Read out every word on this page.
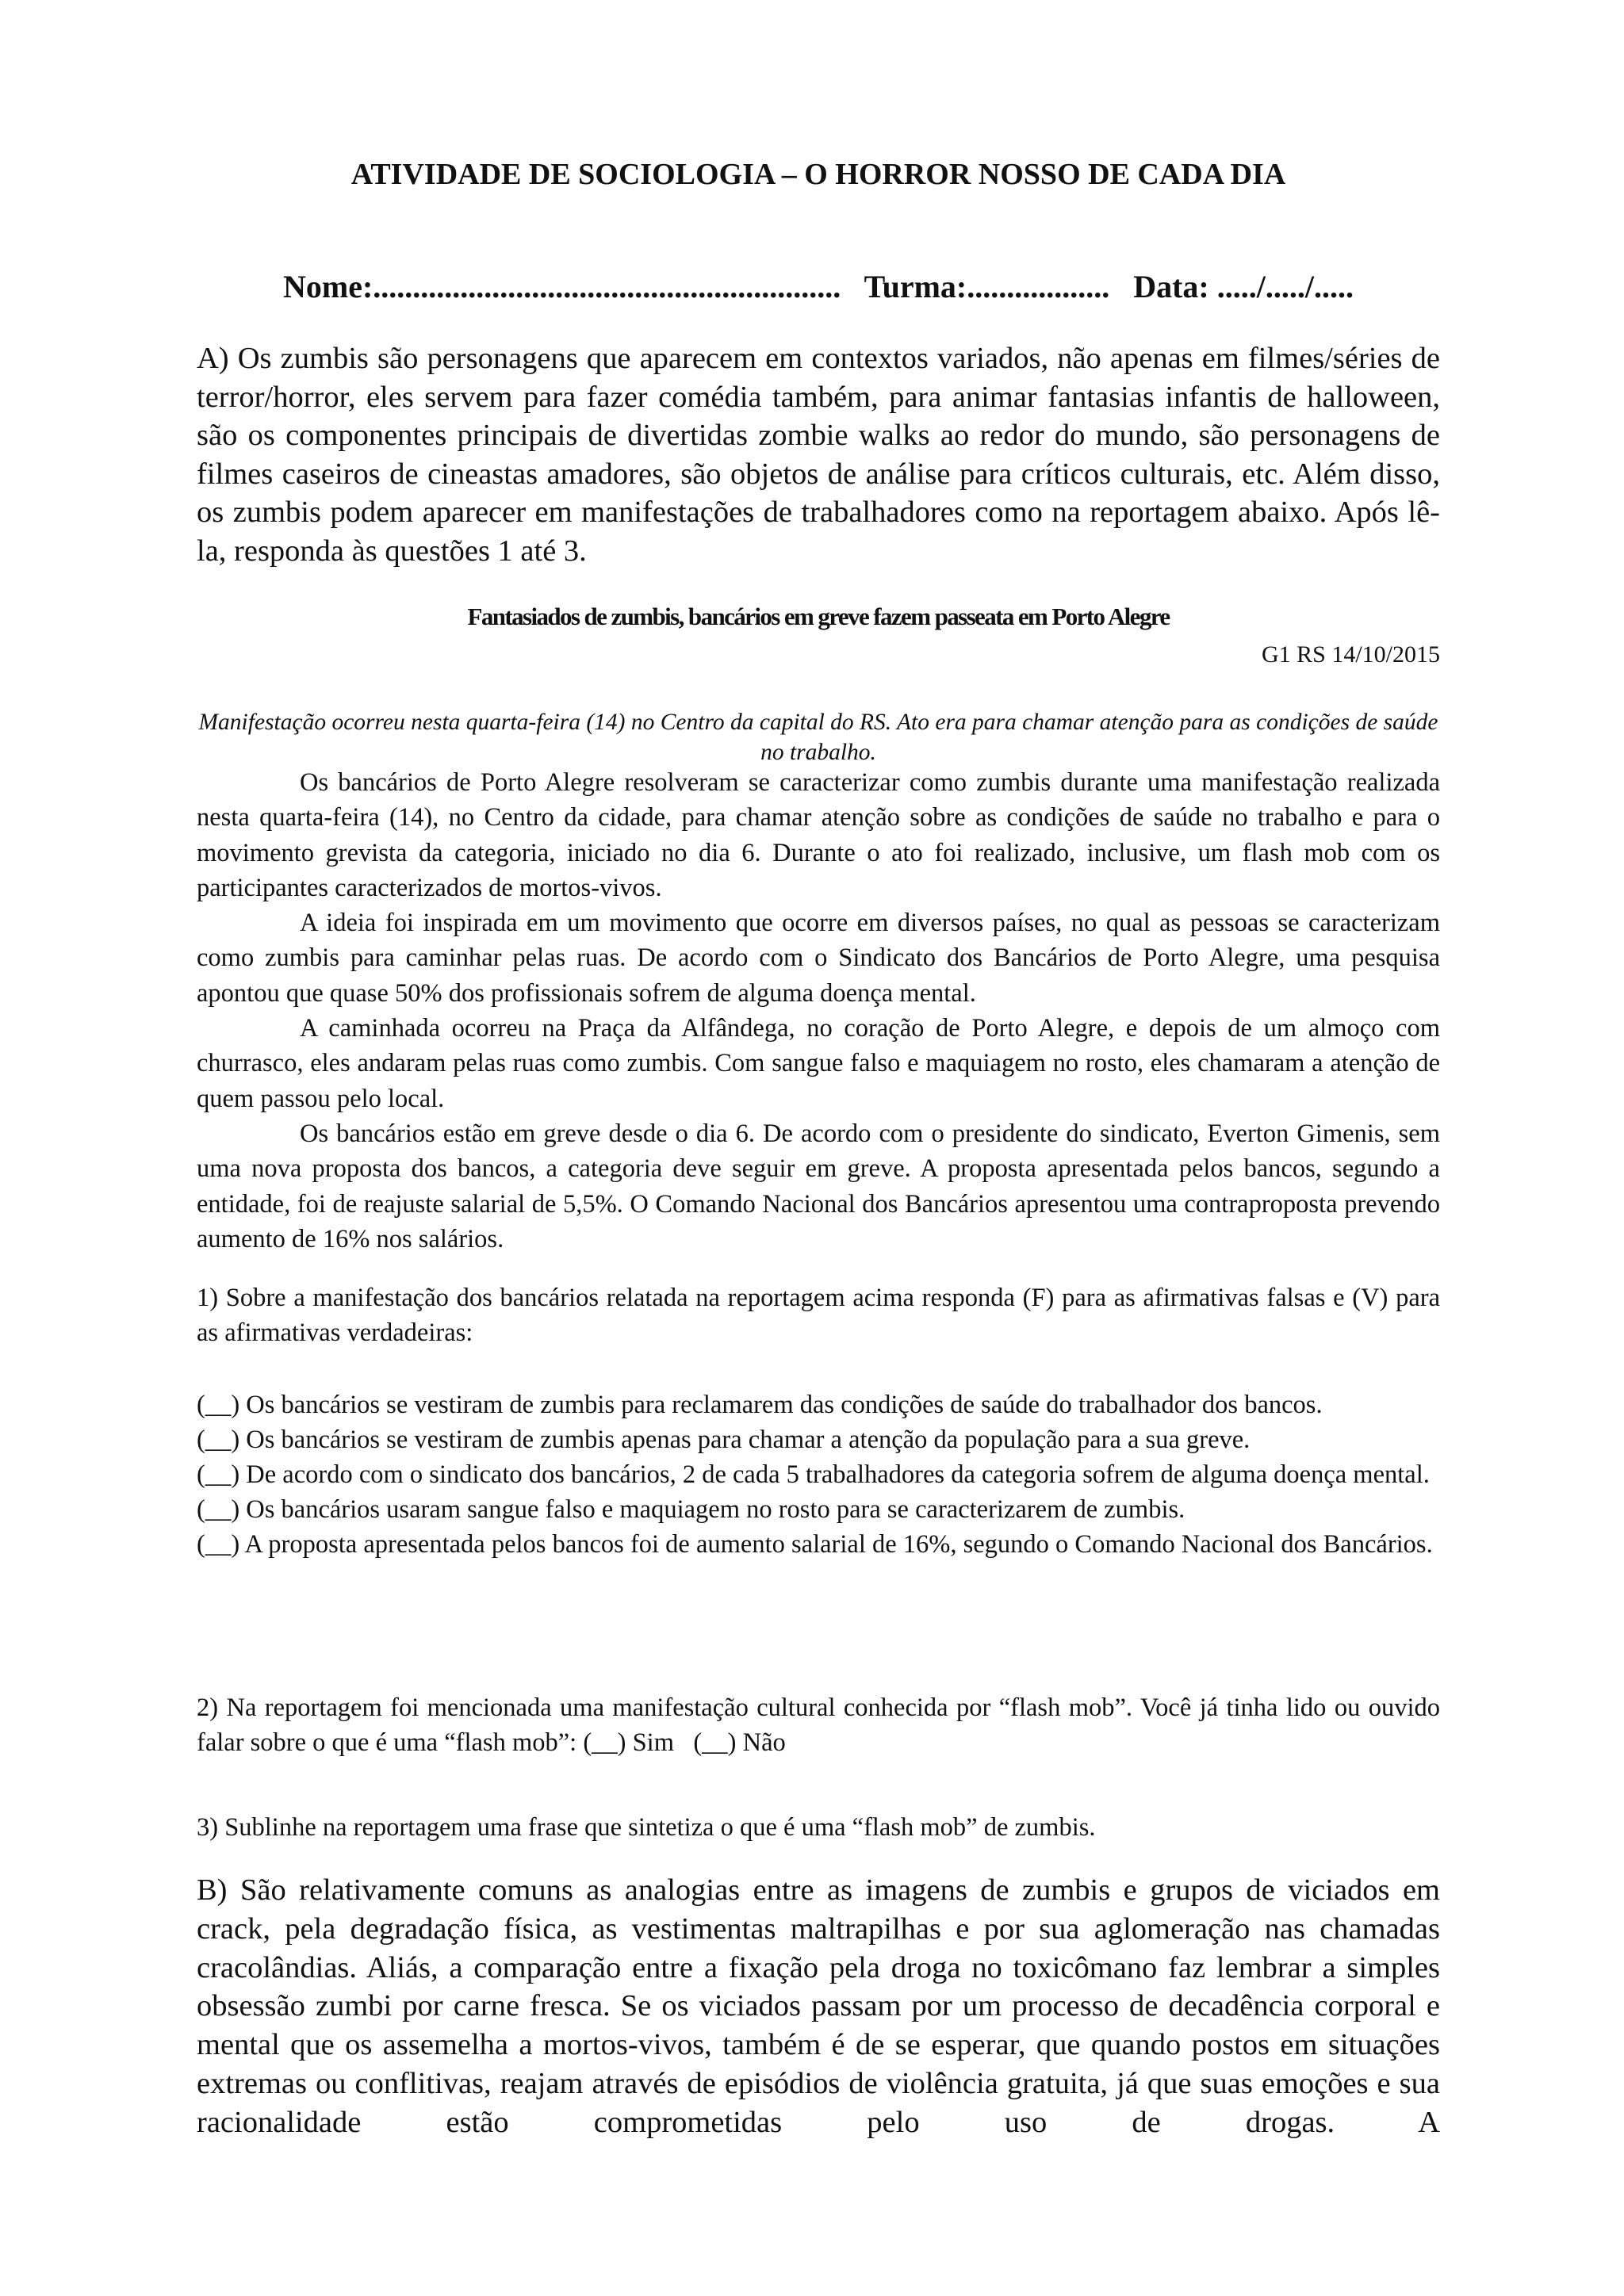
ATIVIDADE DE SOCIOLOGIA – O HORROR NOSSO DE CADA DIA
Nome:........................................................... Turma:.................. Data: ...../...../.....

A) Os zumbis são personagens que aparecem em contextos variados, não apenas em filmes/séries de terror/horror, eles servem para fazer comédia também, para animar fantasias infantis de halloween, são os componentes principais de divertidas zombie walks ao redor do mundo, são personagens de filmes caseiros de cineastas amadores, são objetos de análise para críticos culturais, etc. Além disso, os zumbis podem aparecer em manifestações de trabalhadores como na reportagem abaixo. Após lê-la, responda às questões 1 até 3.

Fantasiados de zumbis, bancários em greve fazem passeata em Porto Alegre
G1 RS 14/10/2015
Manifestação ocorreu nesta quarta-feira (14) no Centro da capital do RS. Ato era para chamar atenção para as condições de saúde no trabalho.

Os bancários de Porto Alegre resolveram se caracterizar como zumbis durante uma manifestação realizada nesta quarta-feira (14), no Centro da cidade, para chamar atenção sobre as condições de saúde no trabalho e para o movimento grevista da categoria, iniciado no dia 6. Durante o ato foi realizado, inclusive, um flash mob com os participantes caracterizados de mortos-vivos.

A ideia foi inspirada em um movimento que ocorre em diversos países, no qual as pessoas se caracterizam como zumbis para caminhar pelas ruas. De acordo com o Sindicato dos Bancários de Porto Alegre, uma pesquisa apontou que quase 50% dos profissionais sofrem de alguma doença mental.

A caminhada ocorreu na Praça da Alfândega, no coração de Porto Alegre, e depois de um almoço com churrasco, eles andaram pelas ruas como zumbis. Com sangue falso e maquiagem no rosto, eles chamaram a atenção de quem passou pelo local.

Os bancários estão em greve desde o dia 6. De acordo com o presidente do sindicato, Everton Gimenis, sem uma nova proposta dos bancos, a categoria deve seguir em greve. A proposta apresentada pelos bancos, segundo a entidade, foi de reajuste salarial de 5,5%. O Comando Nacional dos Bancários apresentou uma contraproposta prevendo aumento de 16% nos salários.

1) Sobre a manifestação dos bancários relatada na reportagem acima responda (F) para as afirmativas falsas e (V) para as afirmativas verdadeiras:

(__) Os bancários se vestiram de zumbis para reclamarem das condições de saúde do trabalhador dos bancos.

(__) Os bancários se vestiram de zumbis apenas para chamar a atenção da população para a sua greve.

(__) De acordo com o sindicato dos bancários, 2 de cada 5 trabalhadores da categoria sofrem de alguma doença mental.

(__) Os bancários usaram sangue falso e maquiagem no rosto para se caracterizarem de zumbis.

(__) A proposta apresentada pelos bancos foi de aumento salarial de 16%, segundo o Comando Nacional dos Bancários.

2) Na reportagem foi mencionada uma manifestação cultural conhecida por “flash mob”. Você já tinha lido ou ouvido falar sobre o que é uma “flash mob”: (__) Sim (__) Não

3) Sublinhe na reportagem uma frase que sintetiza o que é uma “flash mob” de zumbis.

B) São relativamente comuns as analogias entre as imagens de zumbis e grupos de viciados em crack, pela degradação física, as vestimentas maltrapilhas e por sua aglomeração nas chamadas cracolândias. Aliás, a comparação entre a fixação pela droga no toxicômano faz lembrar a simples obsessão zumbi por carne fresca. Se os viciados passam por um processo de decadência corporal e mental que os assemelha a mortos-vivos, também é de se esperar, que quando postos em situações extremas ou conflitivas, reajam através de episódios de violência gratuita, já que suas emoções e sua racionalidade estão comprometidas pelo uso de drogas. A
